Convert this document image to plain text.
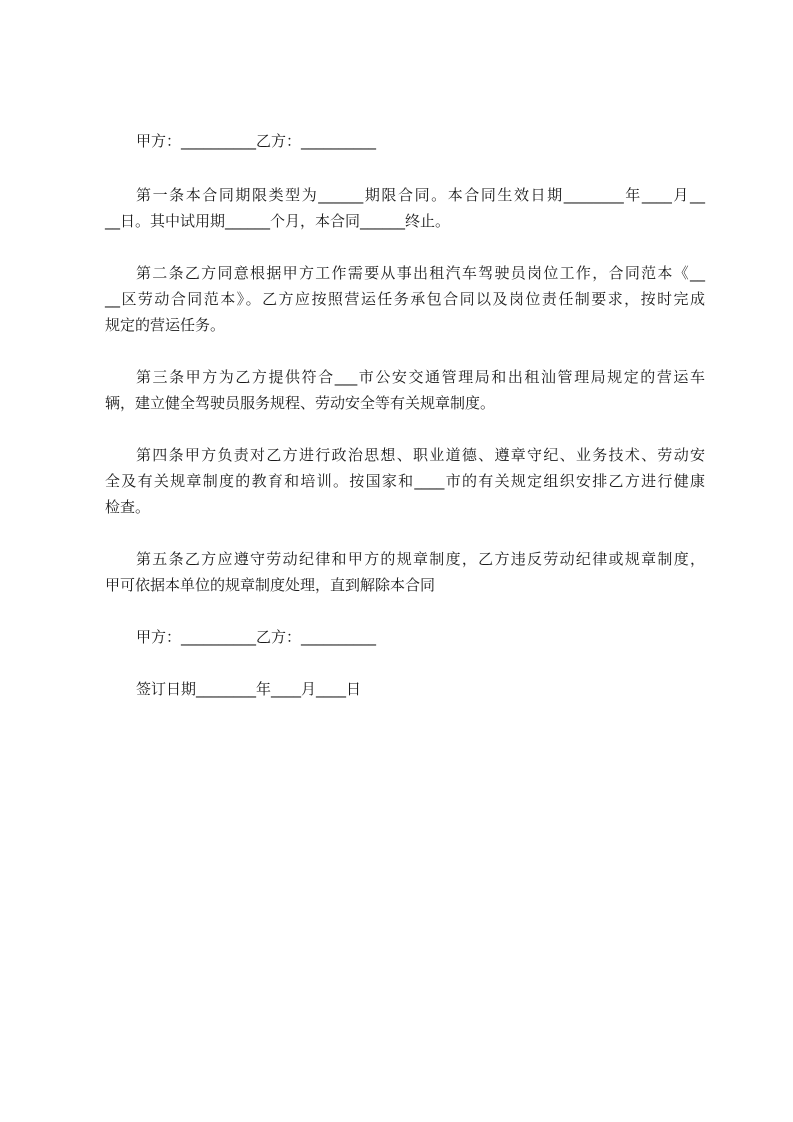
甲方：__________乙方：__________

第一条本合同期限类型为______期限合同。本合同生效日期________年____月__

__日。其中试用期______个月，本合同______终止。

第二条乙方同意根据甲方工作需要从事出租汽车驾驶员岗位工作，合同范本《__

__区劳动合同范本》。乙方应按照营运任务承包合同以及岗位责任制要求，按时完成

规定的营运任务。

第三条甲方为乙方提供符合___市公安交通管理局和出租汕管理局规定的营运车

辆，建立健全驾驶员服务规程、劳动安全等有关规章制度。

第四条甲方负责对乙方进行政治思想、职业道德、遵章守纪、业务技术、劳动安

全及有关规章制度的教育和培训。按国家和____市的有关规定组织安排乙方进行健康

检查。

第五条乙方应遵守劳动纪律和甲方的规章制度，乙方违反劳动纪律或规章制度，

甲可依据本单位的规章制度处理，直到解除本合同

甲方：__________乙方：__________

签订日期________年____月____日
